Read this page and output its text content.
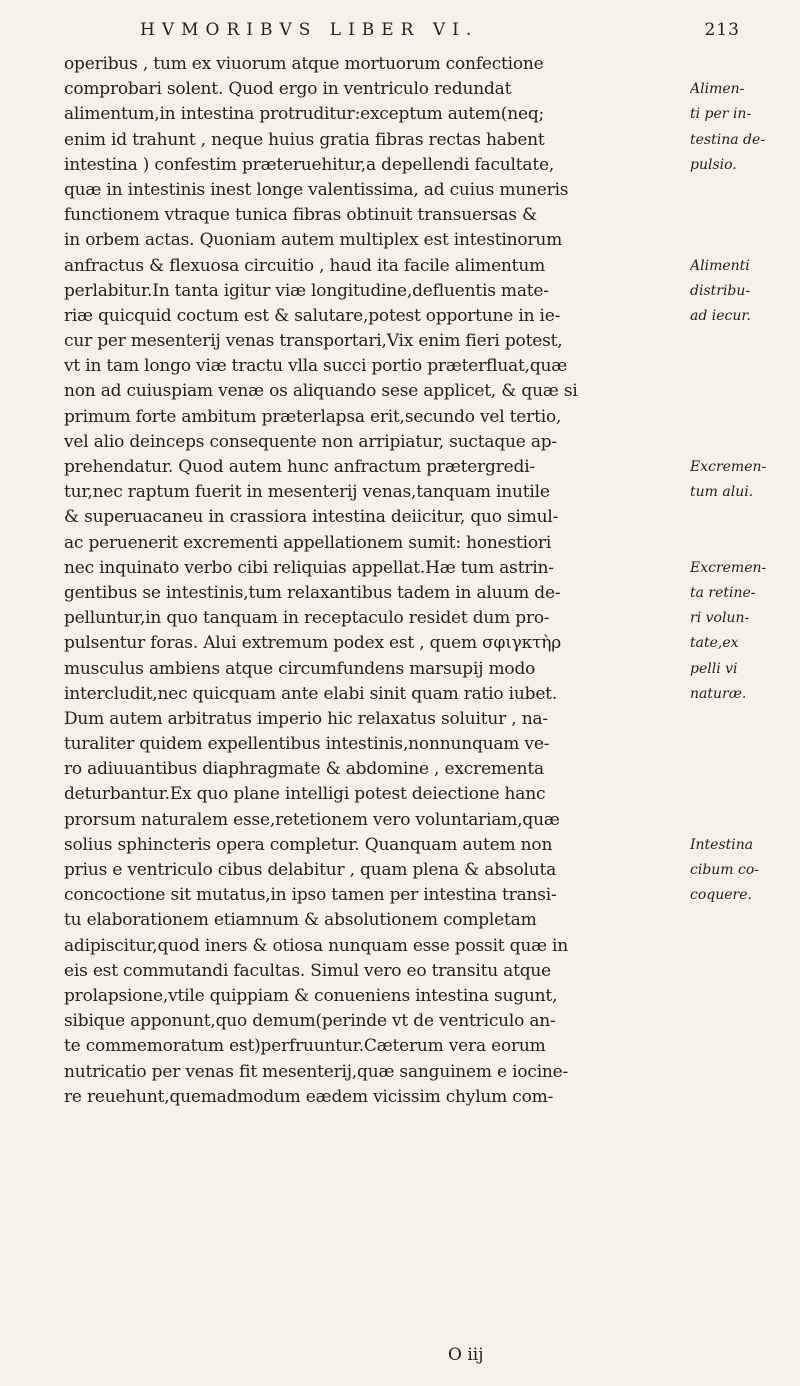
HVMORIBVS LIBER VI.	213
operibus , tum ex viuorum atque mortuorum confectione
comprobari solent. Quod ergo in ventriculo redundat
alimentum,in intestina protruditur:exceptum autem(neq;
enim id trahunt , neque huius gratia fibras rectas habent
intestina ) confestim prӕteruehitur,a depellendi facultate,
quӕ in intestinis inest longe valentissima, ad cuius muneris
functionem vtraque tunica fibras obtinuit transuersas &
in orbem actas. Quoniam autem multiplex est intestinorum
anfractus & flexuosa circuitio , haud ita facile alimentum
perlabitur.In tanta igitur viӕ longitudine,defluentis mate-
riӕ quicquid coctum est & salutare,potest opportune in ie-
cur per mesenterij venas transportari,Vix enim fieri potest,
vt in tam longo viӕ tractu vlla succi portio prӕterfluat,quӕ
non ad cuiuspiam venӕ os aliquando sese applicet, & quӕ si
primum forte ambitum prӕterlapsa erit,secundo vel tertio,
vel alio deinceps consequente non arripiatur, suctaque ap-
prehendatur. Quod autem hunc anfractum prӕtergredi-
tur,nec raptum fuerit in mesenterij venas,tanquam inutile
& superuacaneu in crassiora intestina deiicitur, quo simul-
ac peruenerit excrementi appellationem sumit: honestiori
nec inquinato verbo cibi reliquias appellat.Hӕ tum astrin-
gentibus se intestinis,tum relaxantibus tadem in aluum de-
pelluntur,in quo tanquam in receptaculo residet dum pro-
pulsentur foras. Alui extremum podex est , quem σφιγκτὴρ
musculus ambiens atque circumfundens marsupij modo
intercludit,nec quicquam ante elabi sinit quam ratio iubet.
Dum autem arbitratus imperio hic relaxatus soluitur , na-
turaliter quidem expellentibus intestinis,nonnunquam ve-
ro adiuuantibus diaphragmate & abdomine , excrementa
deturbantur.Ex quo plane intelligi potest deiectione hanc
prorsum naturalem esse,retetionem vero voluntariam,quӕ
solius sphincteris opera completur. Quanquam autem non
prius e ventriculo cibus delabitur , quam plena & absoluta
concoctione sit mutatus,in ipso tamen per intestina transi-
tu elaborationem etiamnum & absolutionem completam
adipiscitur,quod iners & otiosa nunquam esse possit quӕ in
eis est commutandi facultas. Simul vero eo transitu atque
prolapsione,vtile quippiam & conueniens intestina sugunt,
sibique apponunt,quo demum(perinde vt de ventriculo an-
te commemoratum est)perfruuntur.Cӕterum vera eorum
nutricatio per venas fit mesenterij,quӕ sanguinem e iocine-
re reuehunt,quemadmodum eӕdem vicissim chylum com-
Alimen-
ti per in-
testina de-
pulsio.
Alimenti
distribu-
ad iecur.
Excremen-
tum alui.
Excremen-
ta retine-
ri volun-
tate,ex
pelli vi
naturӕ.
Intestina
cibum co-
coquere.
O iij
